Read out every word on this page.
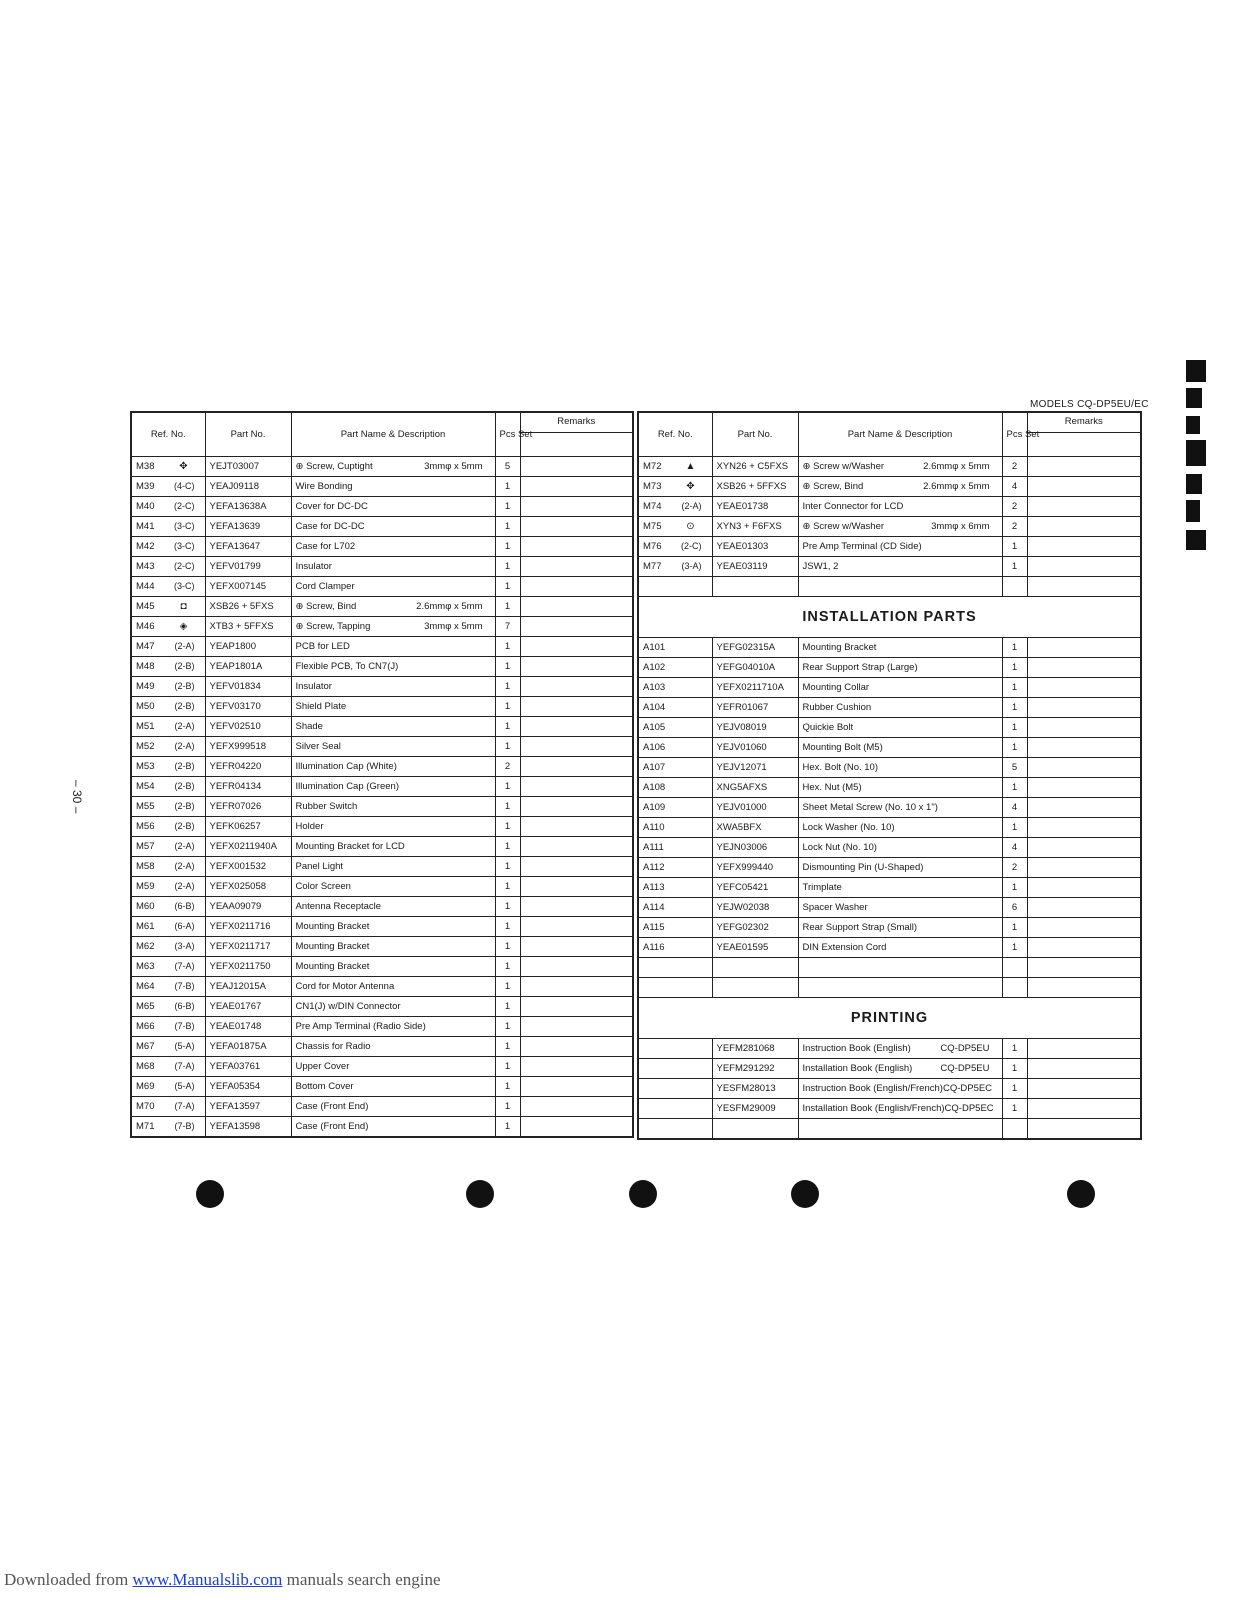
MODELS CQ-DP5EU/EC
– 30 –
Ref. No.	Part No.	Part Name & Description	Pcs Set	Remarks

M38 ✥	YEJT03007	⊕ Screw, Cuptight 3mmφ x 5mm	5	

M39 (4-C)	YEAJ09118	Wire Bonding	1	

M40 (2-C)	YEFA13638A	Cover for DC-DC	1	

M41 (3-C)	YEFA13639	Case for DC-DC	1	

M42 (3-C)	YEFA13647	Case for L702	1	

M43 (2-C)	YEFV01799	Insulator	1	

M44 (3-C)	YEFX007145	Cord Clamper	1	

M45 ◘	XSB26 + 5FXS	⊕ Screw, Bind 2.6mmφ x 5mm	1	

M46 ◈	XTB3 + 5FFXS	⊕ Screw, Tapping 3mmφ x 5mm	7	

M47 (2-A)	YEAP1800	PCB for LED	1	

M48 (2-B)	YEAP1801A	Flexible PCB, To CN7(J)	1	

M49 (2-B)	YEFV01834	Insulator	1	

M50 (2-B)	YEFV03170	Shield Plate	1	

M51 (2-A)	YEFV02510	Shade	1	

M52 (2-A)	YEFX999518	Silver Seal	1	

M53 (2-B)	YEFR04220	Illumination Cap (White)	2	

M54 (2-B)	YEFR04134	Illumination Cap (Green)	1	

M55 (2-B)	YEFR07026	Rubber Switch	1	

M56 (2-B)	YEFK06257	Holder	1	

M57 (2-A)	YEFX0211940A	Mounting Bracket for LCD	1	

M58 (2-A)	YEFX001532	Panel Light	1	

M59 (2-A)	YEFX025058	Color Screen	1	

M60 (6-B)	YEAA09079	Antenna Receptacle	1	

M61 (6-A)	YEFX0211716	Mounting Bracket	1	

M62 (3-A)	YEFX0211717	Mounting Bracket	1	

M63 (7-A)	YEFX0211750	Mounting Bracket	1	

M64 (7-B)	YEAJ12015A	Cord for Motor Antenna	1	

M65 (6-B)	YEAE01767	CN1(J) w/DIN Connector	1	

M66 (7-B)	YEAE01748	Pre Amp Terminal (Radio Side)	1	

M67 (5-A)	YEFA01875A	Chassis for Radio	1	

M68 (7-A)	YEFA03761	Upper Cover	1	

M69 (5-A)	YEFA05354	Bottom Cover	1	

M70 (7-A)	YEFA13597	Case (Front End)	1	

M71 (7-B)	YEFA13598	Case (Front End)	1	
Ref. No.	Part No.	Part Name & Description	Pcs Set	Remarks

M72 ▲	XYN26 + C5FXS	⊕ Screw w/Washer 2.6mmφ x 5mm	2	

M73 ✥	XSB26 + 5FFXS	⊕ Screw, Bind 2.6mmφ x 5mm	4	

M74 (2-A)	YEAE01738	Inter Connector for LCD	2	

M75 ⊙	XYN3 + F6FXS	⊕ Screw w/Washer 3mmφ x 6mm	2	

M76 (2-C)	YEAE01303	Pre Amp Terminal (CD Side)	1	

M77 (3-A)	YEAE03119	JSW1, 2	1	

INSTALLATION PARTS				

A101	YEFG02315A	Mounting Bracket	1	

A102	YEFG04010A	Rear Support Strap (Large)	1	

A103	YEFX0211710A	Mounting Collar	1	

A104	YEFR01067	Rubber Cushion	1	

A105	YEJV08019	Quickie Bolt	1	

A106	YEJV01060	Mounting Bolt (M5)	1	

A107	YEJV12071	Hex. Bolt (No. 10)	5	

A108	XNG5AFXS	Hex. Nut (M5)	1	

A109	YEJV01000	Sheet Metal Screw (No. 10 x 1")	4	

A110	XWA5BFX	Lock Washer (No. 10)	1	

A111	YEJN03006	Lock Nut (No. 10)	4	

A112	YEFX999440	Dismounting Pin (U-Shaped)	2	

A113	YEFC05421	Trimplate	1	

A114	YEJW02038	Spacer Washer	6	

A115	YEFG02302	Rear Support Strap (Small)	1	

A116	YEAE01595	DIN Extension Cord	1	

PRINTING				

	YEFM281068	Instruction Book (English) CQ-DP5EU	1	

	YEFM291292	Installation Book (English) CQ-DP5EU	1	

	YESFM28013	Instruction Book (English/French) CQ-DP5EC	1	

	YESFM29009	Installation Book (English/French) CQ-DP5EC	1	

Downloaded from www.Manualslib.com manuals search engine
